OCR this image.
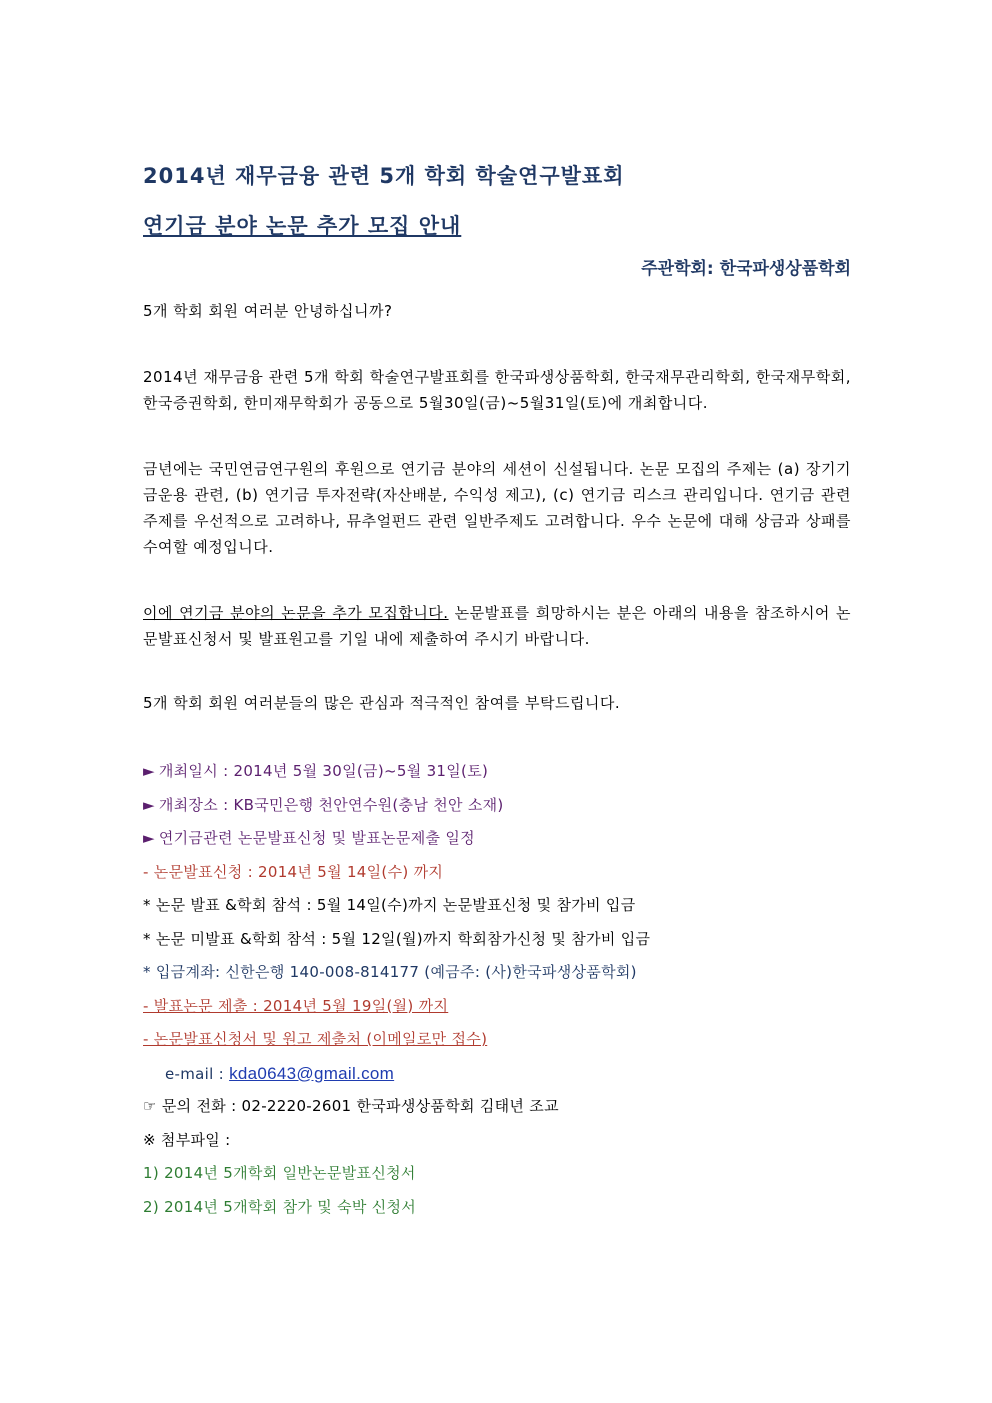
2014년 재무금융 관련 5개 학회 학술연구발표회
연기금 분야 논문 추가 모집 안내
주관학회: 한국파생상품학회
5개 학회 회원 여러분 안녕하십니까?
2014년 재무금융 관련 5개 학회 학술연구발표회를 한국파생상품학회, 한국재무관리학회, 한국재무학회, 한국증권학회, 한미재무학회가 공동으로 5월30일(금)~5월31일(토)에 개최합니다.
금년에는 국민연금연구원의 후원으로 연기금 분야의 세션이 신설됩니다. 논문 모집의 주제는 (a) 장기기금운용 관련, (b) 연기금 투자전략(자산배분, 수익성 제고), (c) 연기금 리스크 관리입니다. 연기금 관련 주제를 우선적으로 고려하나, 뮤추얼펀드 관련 일반주제도 고려합니다. 우수 논문에 대해 상금과 상패를 수여할 예정입니다.
이에 연기금 분야의 논문을 추가 모집합니다. 논문발표를 희망하시는 분은 아래의 내용을 참조하시어 논문발표신청서 및 발표원고를 기일 내에 제출하여 주시기 바랍니다.
5개 학회 회원 여러분들의 많은 관심과 적극적인 참여를 부탁드립니다.
► 개최일시 : 2014년 5월 30일(금)~5월 31일(토)
► 개최장소 : KB국민은행 천안연수원(충남 천안 소재)
► 연기금관련 논문발표신청 및 발표논문제출 일정
- 논문발표신청 : 2014년 5월 14일(수) 까지
* 논문 발표 &학회 참석 : 5월 14일(수)까지 논문발표신청 및 참가비 입금
* 논문 미발표 &학회 참석 : 5월 12일(월)까지 학회참가신청 및 참가비 입금
* 입금계좌: 신한은행 140-008-814177 (예금주: (사)한국파생상품학회)
- 발표논문 제출 : 2014년 5월 19일(월) 까지
- 논문발표신청서 및 원고 제출처 (이메일로만 접수)
e-mail : kda0643@gmail.com
☞ 문의 전화 : 02-2220-2601 한국파생상품학회 김태년 조교
※ 첨부파일 :
1) 2014년 5개학회 일반논문발표신청서
2) 2014년 5개학회 참가 및 숙박 신청서
